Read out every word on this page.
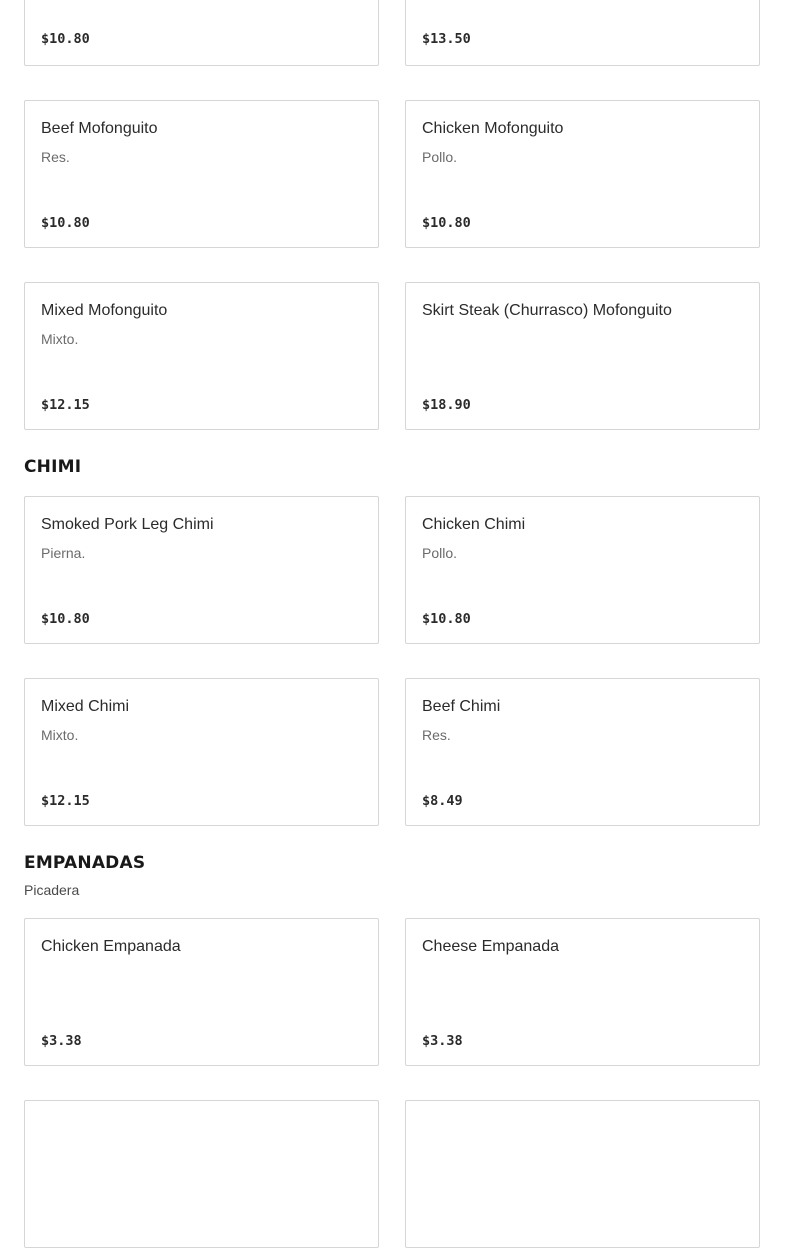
$10.80	$13.50
Beef Mofonguito
Res.
$10.80
Chicken Mofonguito
Pollo.
$10.80
Mixed Mofonguito
Mixto.
$12.15
Skirt Steak (Churrasco) Mofonguito
$18.90
CHIMI
Smoked Pork Leg Chimi
Pierna.
$10.80
Chicken Chimi
Pollo.
$10.80
Mixed Chimi
Mixto.
$12.15
Beef Chimi
Res.
$8.49
EMPANADAS
Picadera
Chicken Empanada
$3.38
Cheese Empanada
$3.38
